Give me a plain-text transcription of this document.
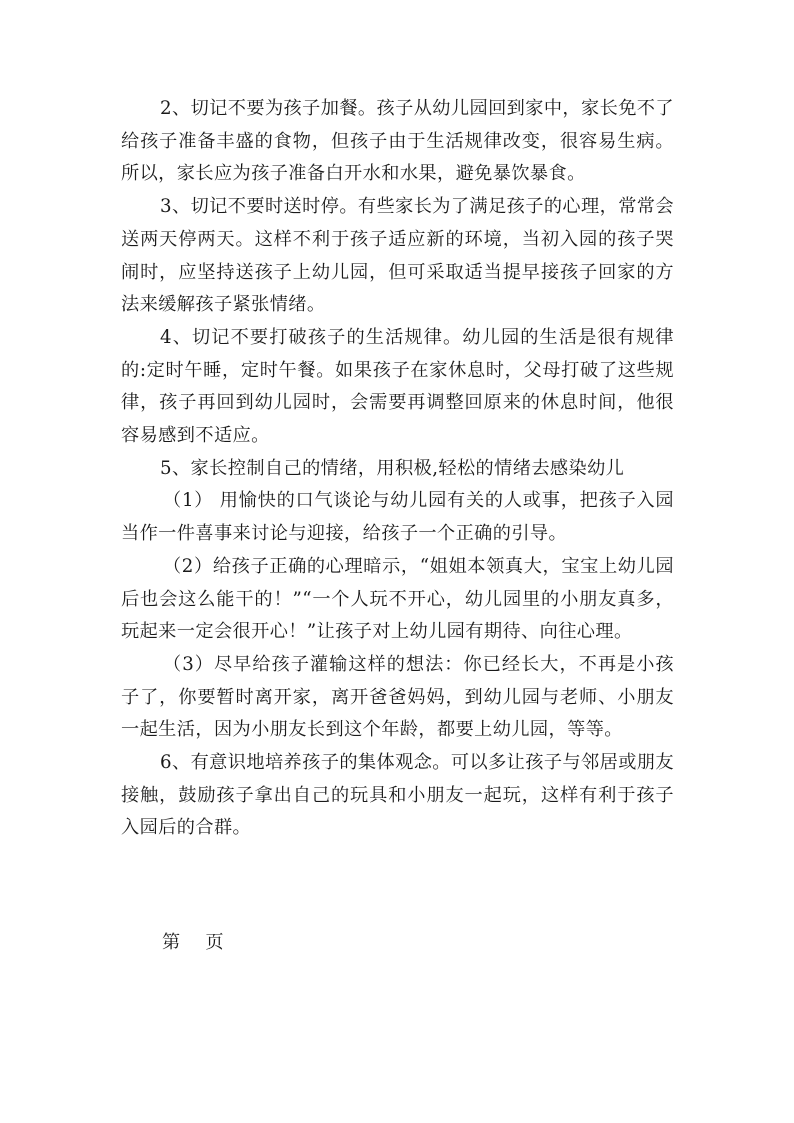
2、切记不要为孩子加餐。孩子从幼儿园回到家中，家长免不了给孩子准备丰盛的食物，但孩子由于生活规律改变，很容易生病。所以，家长应为孩子准备白开水和水果，避免暴饮暴食。

3、切记不要时送时停。有些家长为了满足孩子的心理，常常会送两天停两天。这样不利于孩子适应新的环境，当初入园的孩子哭闹时，应坚持送孩子上幼儿园，但可采取适当提早接孩子回家的方法来缓解孩子紧张情绪。

4、切记不要打破孩子的生活规律。幼儿园的生活是很有规律的:定时午睡，定时午餐。如果孩子在家休息时，父母打破了这些规律，孩子再回到幼儿园时，会需要再调整回原来的休息时间，他很容易感到不适应。

5、家长控制自己的情绪，用积极,轻松的情绪去感染幼儿

（1） 用愉快的口气谈论与幼儿园有关的人或事，把孩子入园当作一件喜事来讨论与迎接，给孩子一个正确的引导。

（2）给孩子正确的心理暗示，“姐姐本领真大，宝宝上幼儿园后也会这么能干的！”“一个人玩不开心，幼儿园里的小朋友真多，玩起来一定会很开心！”让孩子对上幼儿园有期待、向往心理。

（3）尽早给孩子灌输这样的想法：你已经长大，不再是小孩子了，你要暂时离开家，离开爸爸妈妈，到幼儿园与老师、小朋友一起生活，因为小朋友长到这个年龄，都要上幼儿园，等等。

6、有意识地培养孩子的集体观念。可以多让孩子与邻居或朋友接触，鼓励孩子拿出自己的玩具和小朋友一起玩，这样有利于孩子入园后的合群。

第    页
